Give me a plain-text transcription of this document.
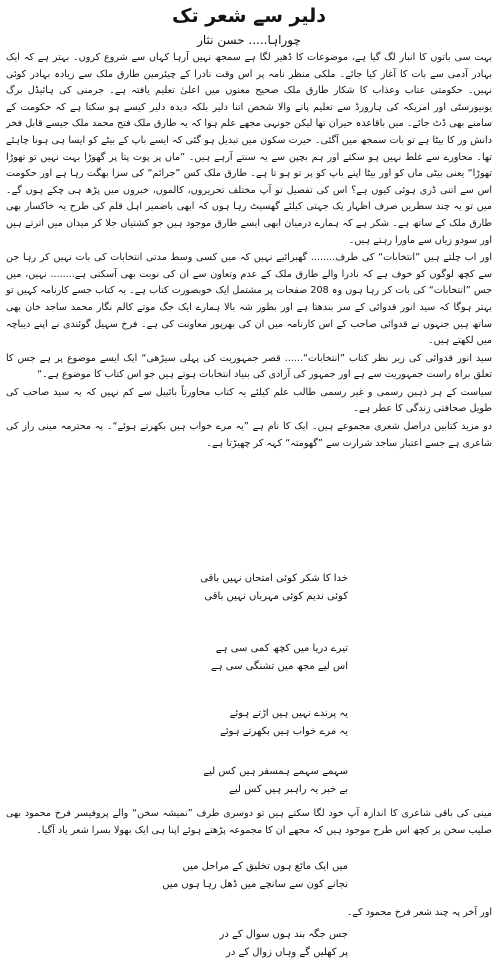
دلیر سے شعر تک
چوراہا..... حسن نثار

بہت سی باتوں کا انبار لگ گیا ہے، موضوعات کا ڈھیر لگا ہے سمجھ نہیں آرہا کہاں سے شروع کروں۔ بہتر ہے کہ ایک بہادر آدمی سے بات کا آغاز کیا جائے۔ ملکی منظر نامہ پر اس وقت نادرا کے چیئرمین طارق ملک سے زیادہ بہادر کوئی نہیں۔ حکومتی عتاب وعذاب کا شکار طارق ملک صحیح معنوں میں اعلیٰ تعلیم یافتہ ہے۔ جرمنی کی ہائیڈل برگ یونیورسٹی اور امریکہ کی ہارورڈ سے تعلیم پانے والا شخص اتنا دلیر بلکہ دیدہ دلیر کیسے ہو سکتا ہے کہ حکومت کے سامنے بھی ڈٹ جائے۔ میں باقاعدہ حیران تھا لیکن جونہی مجھے علم ہوا کہ یہ طارق ملک فتح محمد ملک جیسے قابل فخر دانش ور کا بیٹا ہے تو بات سمجھ میں آگئی۔ حیرت سکون میں تبدیل ہو گئی کہ ایسے باپ کے بیٹے کو ایسا ہی ہونا چاہئے تھا۔ محاورے سے غلط نہیں ہو سکتے اور ہم بچپن سے یہ سنتے آرہے ہیں۔ ”ماں پر پوت پتا پر گھوڑا بہت نہیں تو تھوڑا تھوڑا“ یعنی بیٹی ماں کو اور بیٹا اپنے باپ کو پر تو ہو تا ہے۔ طارق ملک کس ”جرائم“ کی سزا بھگت رہا ہے اور حکومت اس سے اتنی ڈری ہوئی کیوں ہے؟ اس کی تفصیل تو آپ مختلف تحریروں، کالموں، خبروں میں پڑھ ہی چکے ہوں گے۔ میں تو یہ چند سطریں صرف اظہار یک جہتی کیلئے گھسیٹ رہا ہوں کہ ابھی باضمیر اہل قلم کی طرح یہ خاکسار بھی طارق ملک کے ساتھ ہے۔ شکر ہے کہ ہمارے درمیان ابھی ایسے طارق موجود ہیں جو کشتیاں جلا کر میدان میں اترتے ہیں اور سودو زیاں سے ماورا رہتے ہیں۔

اور اب چلتے ہیں ”انتخابات“ کی طرف........ گھبرائیے نہیں کہ میں کسی وسط مدتی انتخابات کی بات نہیں کر رہا جن سے کچھ لوگوں کو خوف ہے کہ نادرا والے طارق ملک کے عدم وتعاون سے ان کی نوبت بھی آسکتی ہے........ نہیں، میں جس ”انتخابات“ کی بات کر رہا ہوں وہ 208 صفحات پر مشتمل ایک خوبصورت کتاب ہے۔ یہ کتاب جسے کارنامہ کہیں تو بہتر ہوگا کہ سید انور قدوائی کے سر بندھتا ہے اور بطور شہ بالا ہمارے ایک جگ موتے کالم نگار محمد ساجد خان بھی ساتھ ہیں جنہوں نے قدوائی صاحب کے اس کارنامہ میں ان کی بھرپور معاونت کی ہے۔ فرخ سہیل گوئندی نے اپنے دیباچہ میں لکھتے ہیں۔

سید انور قدوائی کی زیر نظر کتاب ”انتخابات“...... قصر جمہوریت کی پہلی سیڑھی“ ایک ایسے موضوع پر ہے جس کا تعلق براہ راست جمہوریت سے ہے اور جمہور کی آزادی کی بنیاد انتخابات ہوتے ہیں جو اس کتاب کا موضوع ہے۔“

سیاست کے ہر ذہین رسمی و غیر رسمی طالب علم کیلئے یہ کتاب محاورتاً بائیبل سے کم نہیں کہ یہ سید صاحب کی طویل صحافتی زندگی کا عطر ہے۔

دو مزید کتابیں دراصل شعری مجموعے ہیں۔ ایک کا نام ہے ”یہ مرے خواب ہیں بکھرتے ہوئے“۔ یہ محترمہ مینی راز کی شاعری ہے جسے اعتبار ساجد شرارت سے ”گھومتہ“ کہہ کر چھیڑتا ہے۔

خدا کا شکر کوئی امتحاں نہیں باقی
کوئی ندیم کوئی مہرباں نہیں باقی
تیرے دریا میں کچھ کمی سی ہے
اس لیے مجھ میں تشنگی سی ہے
یہ پرندے نہیں ہیں اڑتے ہوئے
یہ مرے خواب ہیں بکھرتے ہوئے
سہمے سہمے ہمسفر ہیں کس لیے
بے خبر یہ راہبر ہیں کس لیے
مینی کی باقی شاعری کا اندازہ آپ خود لگا سکتے ہیں تو دوسری طرف ”نمیشہ سخن“ والے پروفیسر فرخ محمود بھی صلیب سخن پر کچھ اس طرح موجود ہیں کہ مجھے ان کا مجموعہ پڑھتے ہوئے اپنا ہی ایک بھولا بسرا شعر یاد آگیا۔
میں ایک مائع ہوں تخلیق کے مراحل میں
نجانے کون سے سانچے میں ڈھل رہا ہوں میں
اور آخر پہ چند شعر فرخ محمود کے۔
جس جگہ بند ہوں سوال کے در
پر کھلیں گے وہاں زوال کے در
